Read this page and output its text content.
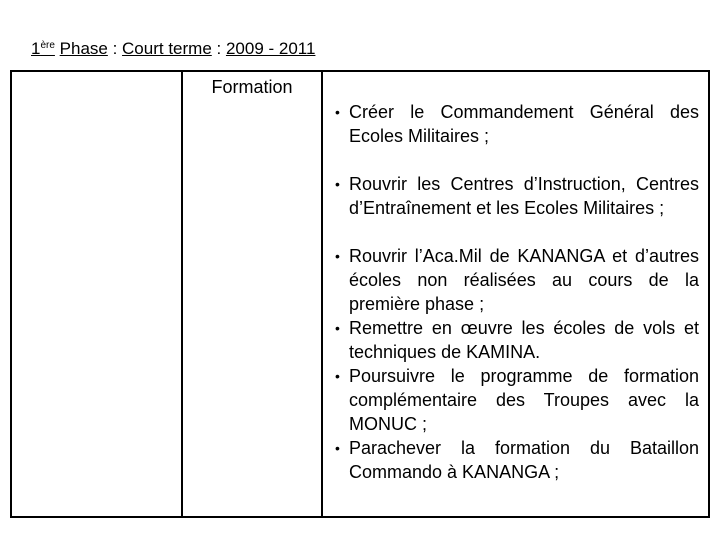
1ère Phase : Court terme : 2009 - 2011
Formation
• Créer le Commandement Général des Ecoles Militaires ;
• Rouvrir les Centres d’Instruction, Centres d’Entraînement et les Ecoles Militaires ;
• Rouvrir l’Aca.Mil de KANANGA et d’autres écoles non réalisées au cours de la première phase ;
• Remettre en œuvre les écoles de vols et techniques de KAMINA.
• Poursuivre le programme de formation complémentaire des Troupes avec la MONUC ;
• Parachever la formation du Bataillon Commando à KANANGA ;
